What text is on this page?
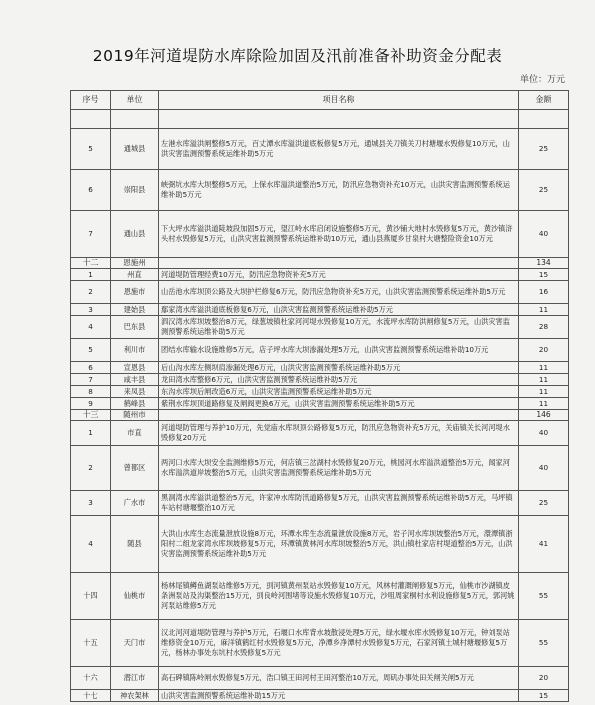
2019年河道堤防水库除险加固及汛前准备补助资金分配表
单位：万元
序号	单位	项目名称	金额

5	通城县	左港水库溢洪闸整修5万元，百丈潭水库溢洪道底板修复5万元，通城县关刀镇关刀村塘堰水毁修复10万元，山洪灾害监测预警系统运维补助5万元	25
6	崇阳县	峡弼坑水库大坝整修5万元，上保水库溢洪道整治5万元，防汛应急物资补充10万元，山洪灾害监测预警系统运维补助5万元	25
7	通山县	下大坪水库溢洪道陡坡段加固5万元，望江岭水库启闭设施整修5万元，黄沙铺大地村水毁修复5万元，黄沙镇浒头村水毁修复5万元，山洪灾害监测预警系统运维补助10万元，通山县燕厦乡甘泉村大塘整险资金10万元	40
十二	恩施州		134
1	州直	河道堤防管理经费10万元，防汛应急物资补充5万元	15
2	恩施市	山岳池水库坝顶公路及大坝护栏修复6万元，防汛应急物资补充5万元，山洪灾害监测预警系统运维补助5万元	16
3	建始县	鄢家湾水库溢洪道底板修复6万元，山洪灾害监测预警系统运维补助5万元	11
4	巴东县	泗汉湾水库坝坡整治8万元，绿葱坡镇杜家河河堤水毁修复10万元，水流坪水库防洪闸修复5万元，山洪灾害监测预警系统运维补助5万元	28
5	利川市	团结水库输水设施维修5万元，店子坪水库大坝渗漏处理5万元，山洪灾害监测预警系统运维补助10万元	20
6	宣恩县	后山沟水库左侧坝肩渗漏处理6万元，山洪灾害监测预警系统运维补助5万元	11
7	咸丰县	龙田湾水库整修6万元，山洪灾害监测预警系统运维补助5万元	11
8	来凤县	东沟水库坝后闸改造6万元，山洪灾害监测预警系统运维补助5万元	11
9	鹤峰县	紫荆水库坝顶道路修复及闸阀更换6万元，山洪灾害监测预警系统运维补助5万元	11
十三	随州市		146
1	市直	河道堤防管理与养护10万元，先觉庙水库坝顶公路修复5万元，防汛应急物资补充5万元，关庙镇关长河河堤水毁修复20万元	40
2	曾都区	两河口水库大坝安全监测维修5万元，何店镇三岔湖村水毁修复20万元，桃园河水库溢洪道整治5万元，闻家河水库溢洪道岸坡整治5万元，山洪灾害监测预警系统运维补助5万元	40
3	广水市	黑洞湾水库溢洪道整治5万元，许家冲水库防汛道路修复5万元，山洪灾害监测预警系统运维补助5万元，马坪镇车站村塘堰整治10万元	25
4	随县	大洪山水库生态流量泄放设施8万元，环潭水库生态流量泄放设施8万元，岩子河水库坝坡整治5万元，澴潭镇浙阳村二组龙家湾水库坝坡修复5万元，环潭镇黄林河水库坝坡整治5万元，洪山镇杜家店村堤道整治5万元，山洪灾害监测预警系统运维补助5万元	41
十四	仙桃市	杨林尾镇鳟鱼湖泵站维修5万元，剅河镇黄州泵站水毁修复10万元，风林村灌溉闸修复5万元，仙桃市沙湖镇皮条洲泵站及沟渠整治15万元，剅良岭河围堵等设施水毁修复10万元，沙咀周家桐村水利设施修复5万元，郭河姚河泵站维修5万元	55
十五	天门市	汉北河河道堤防管理与养护5万元，石堰口水库背水坡散浸处理5万元，绿水堰水库水毁修复10万元，钟刘泵站维修资金10万元，麻洋镇鹤红村水毁修复5万元，净潭乡净潭村水毁修复5万元，石家河镇土城村塘堰修复5万元，杨林办事处东坑村水毁修复5万元	55
十六	潜江市	高石碑镇陈岭闸水毁修复5万元，浩口镇王田河村王田河整治10万元，周矶办事处田关闸关闸5万元	20
十七	神农架林	山洪灾害监测预警系统运维补助15万元	15
